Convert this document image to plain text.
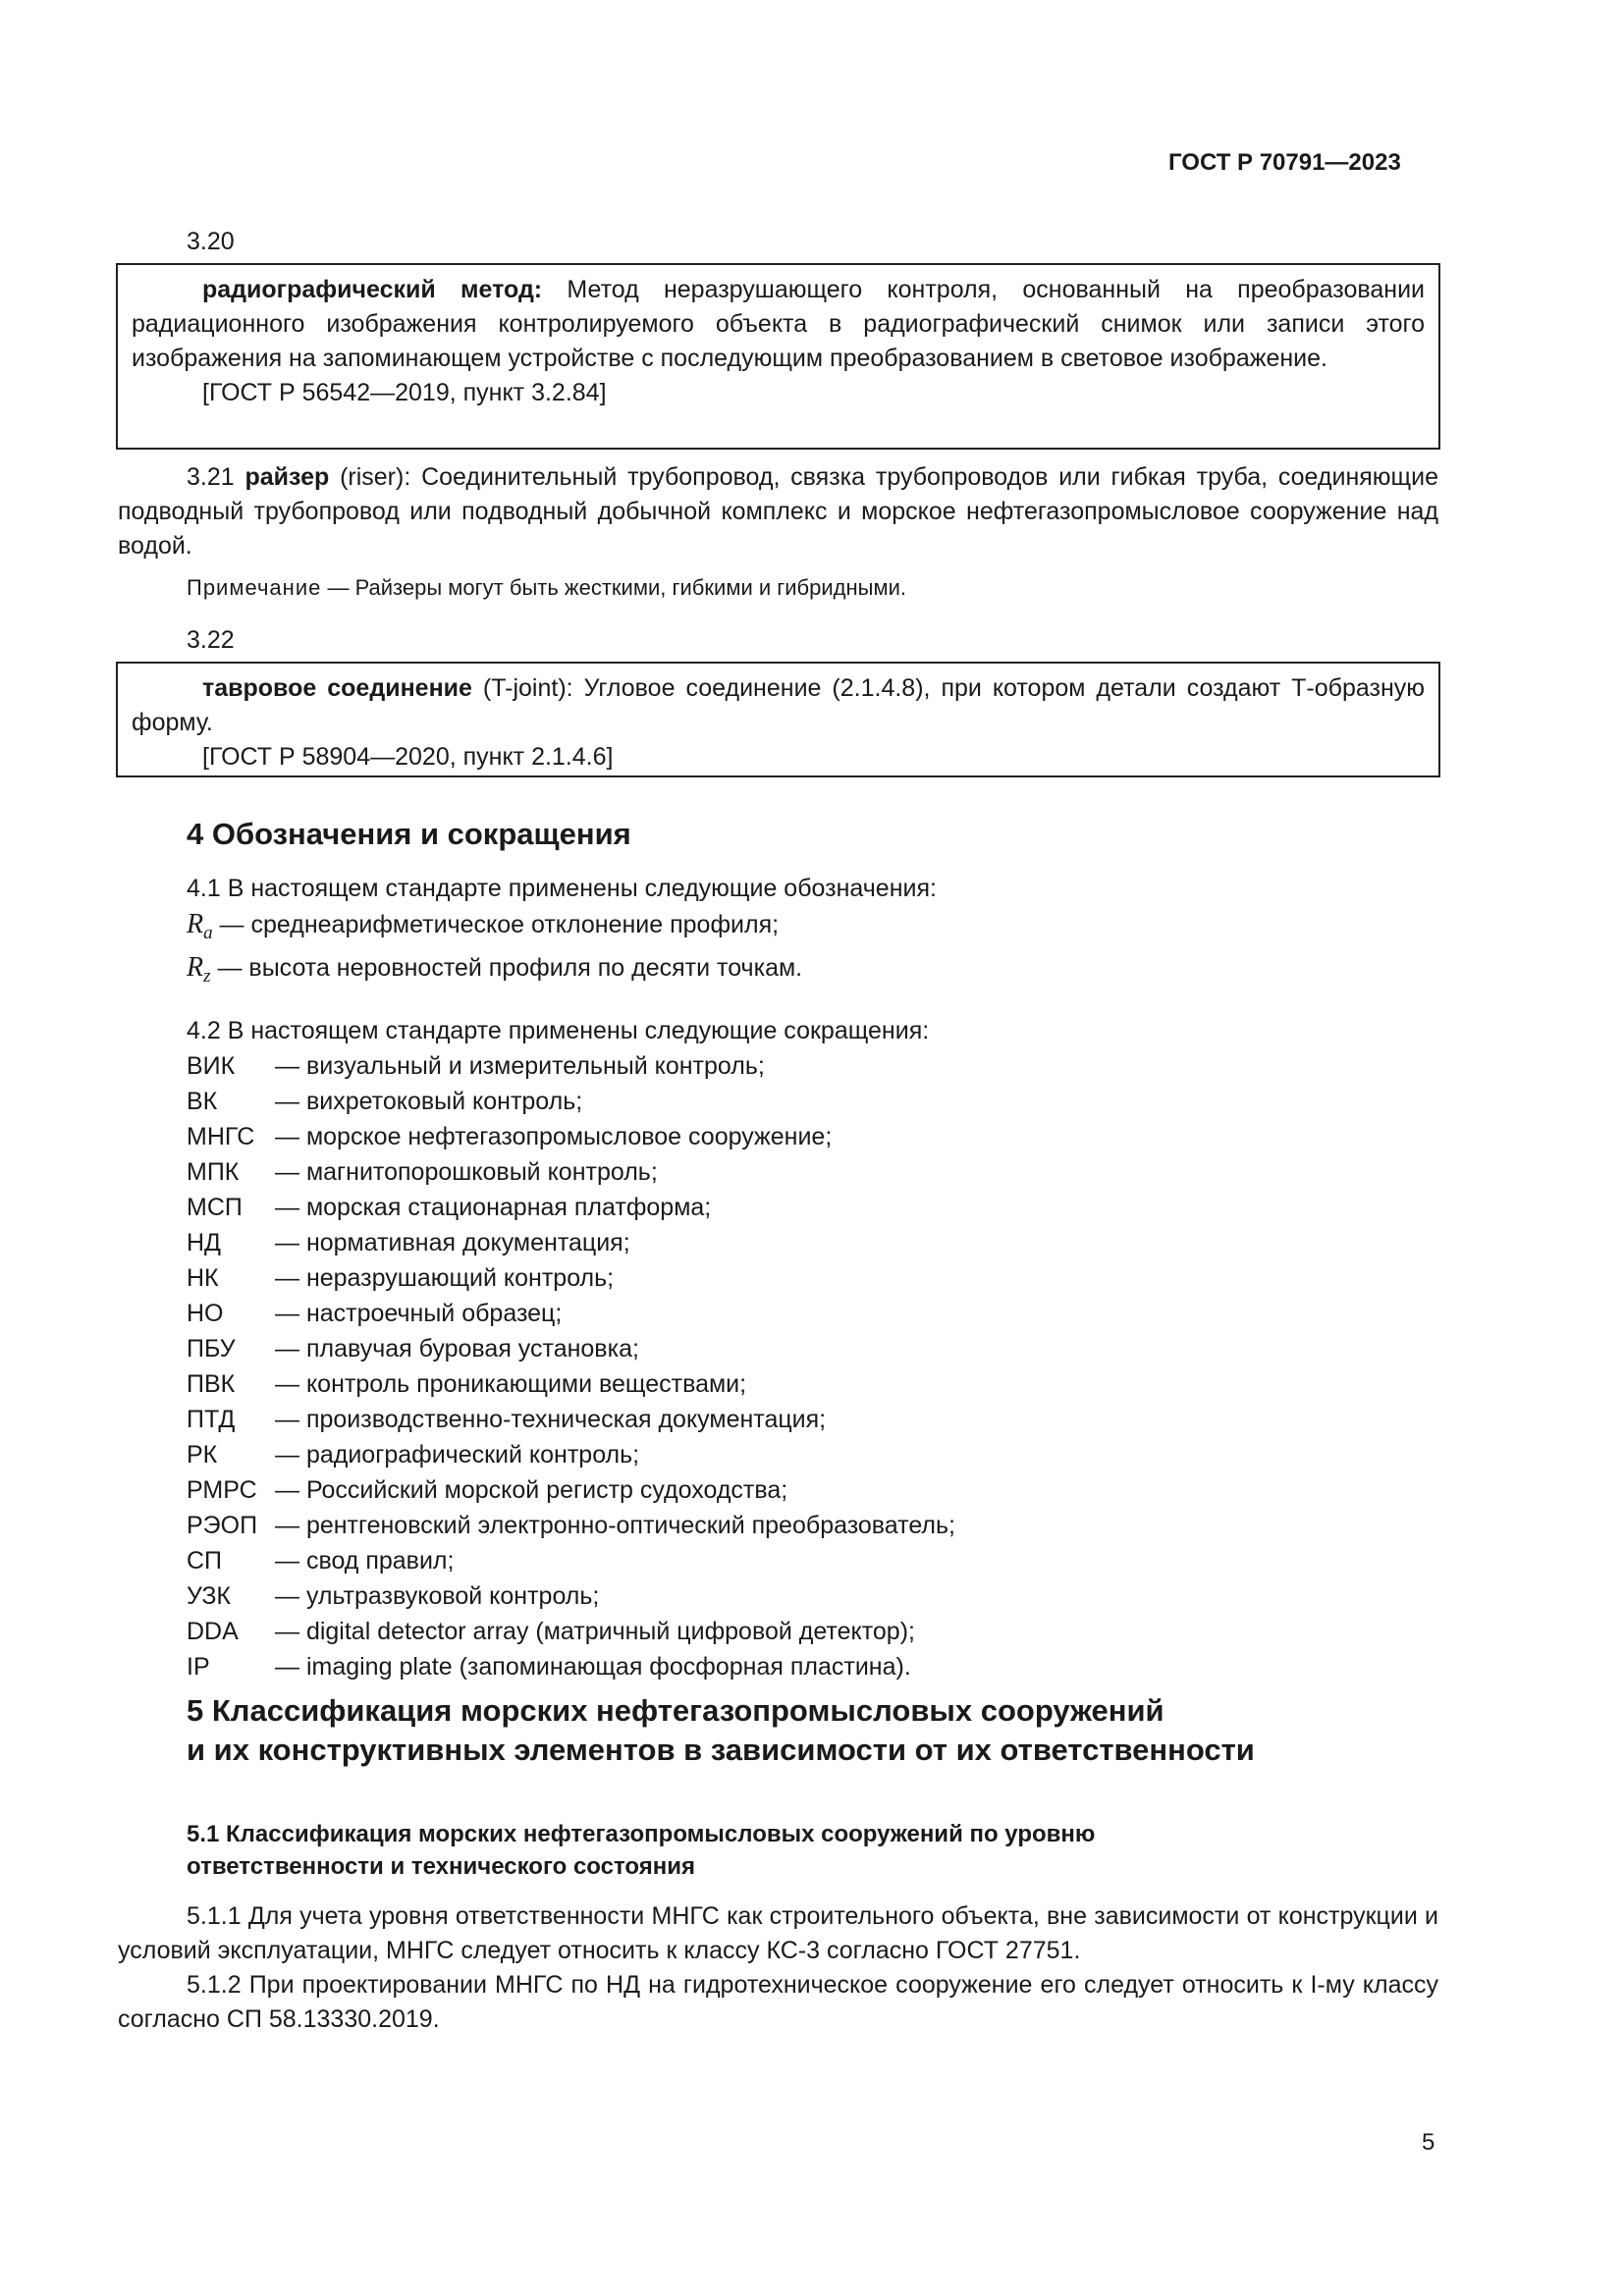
ГОСТ Р 70791—2023
3.20

радиографический метод: Метод неразрушающего контроля, основанный на преобразовании радиационного изображения контролируемого объекта в радиографический снимок или записи этого изображения на запоминающем устройстве с последующим преобразованием в световое изображение.

[ГОСТ Р 56542—2019, пункт 3.2.84]

3.21 райзер (riser): Соединительный трубопровод, связка трубопроводов или гибкая труба, соединяющие подводный трубопровод или подводный добычной комплекс и морское нефтегазопромысловое сооружение над водой.

Примечание — Райзеры могут быть жесткими, гибкими и гибридными.
3.22

тавровое соединение (T-joint): Угловое соединение (2.1.4.8), при котором детали создают Т-образную форму.

[ГОСТ Р 58904—2020, пункт 2.1.4.6]

4 Обозначения и сокращения
4.1 В настоящем стандарте применены следующие обозначения:
$R_a$ — среднеарифметическое отклонение профиля;
$R_z$ — высота неровностей профиля по десяти точкам.
4.2 В настоящем стандарте применены следующие сокращения:
ВИК	— визуальный и измерительный контроль;
ВК	— вихретоковый контроль;
МНГС — морское нефтегазопромысловое сооружение;
МПК	— магнитопорошковый контроль;
МСП	— морская стационарная платформа;
НД	— нормативная документация;
НК	— неразрушающий контроль;
НО	— настроечный образец;
ПБУ	— плавучая буровая установка;
ПВК	— контроль проникающими веществами;
ПТД	— производственно-техническая документация;
РК	— радиографический контроль;
РМРС — Российский морской регистр судоходства;
РЭОП — рентгеновский электронно-оптический преобразователь;
СП	— свод правил;
УЗК	— ультразвуковой контроль;
DDA	— digital detector array (матричный цифровой детектор);
IP	— imaging plate (запоминающая фосфорная пластина).
5 Классификация морских нефтегазопромысловых сооружений
и их конструктивных элементов в зависимости от их ответственности
5.1 Классификация морских нефтегазопромысловых сооружений по уровню
ответственности и технического состояния

5.1.1 Для учета уровня ответственности МНГС как строительного объекта, вне зависимости от конструкции и условий эксплуатации, МНГС следует относить к классу КС-3 согласно ГОСТ 27751.

5.1.2 При проектировании МНГС по НД на гидротехническое сооружение его следует относить к I-му классу согласно СП 58.13330.2019.

5
